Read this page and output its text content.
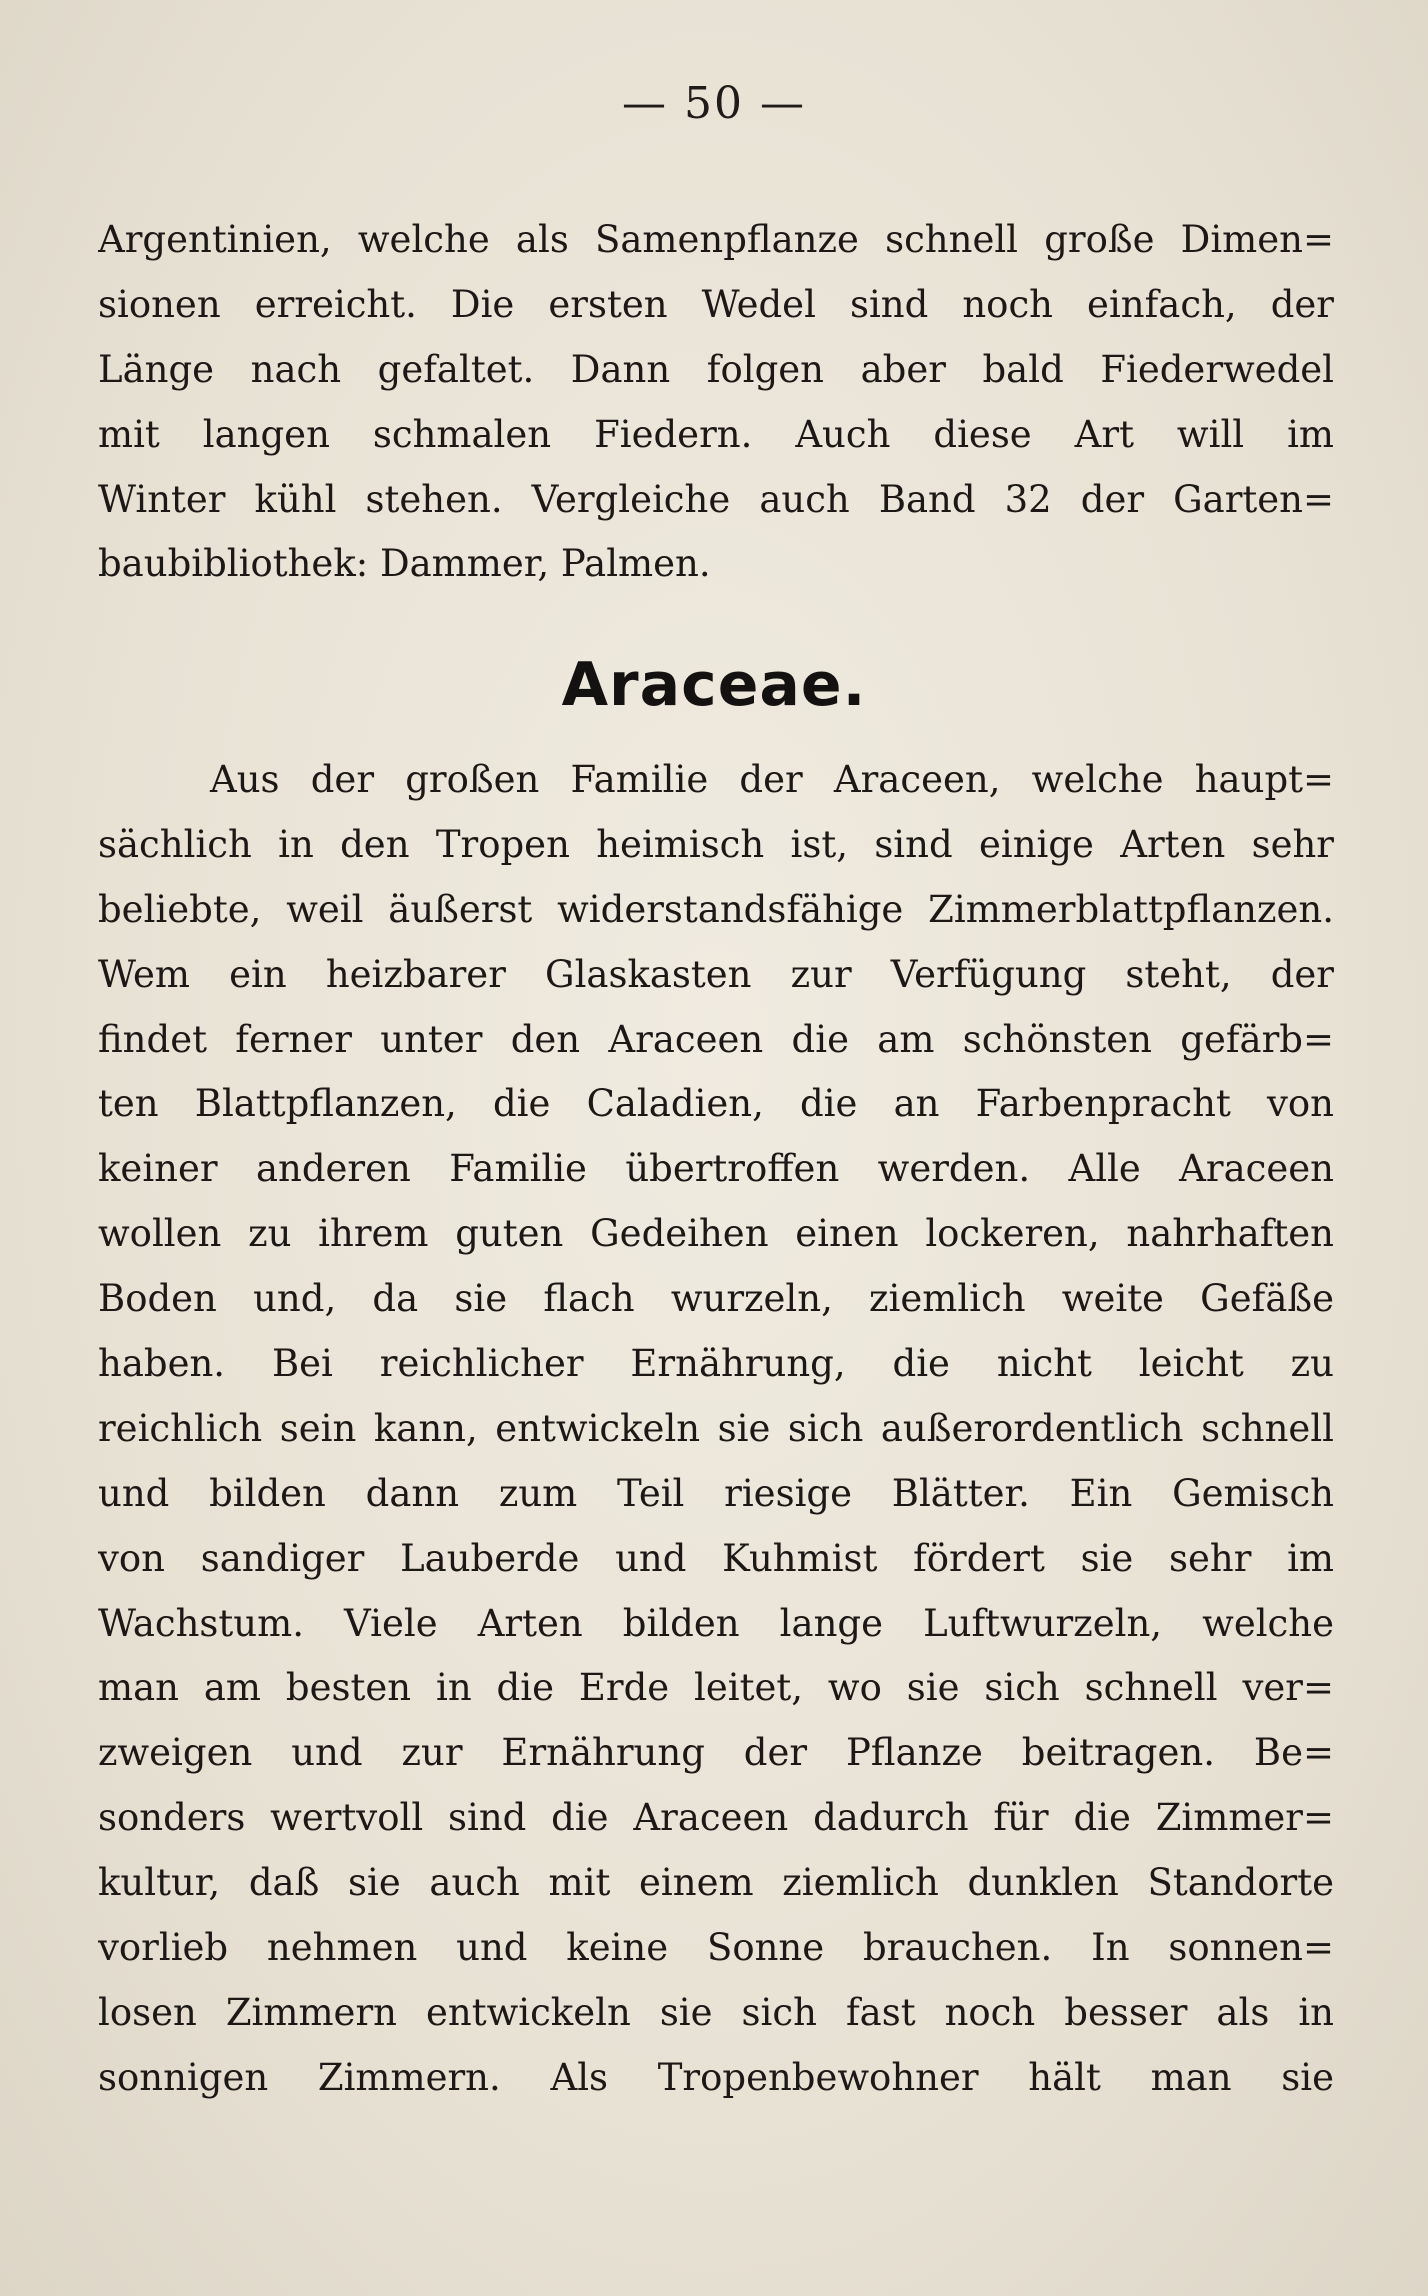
— 50 —
Argentinien, welche als Samenpflanze schnell große Dimen=
sionen erreicht. Die ersten Wedel sind noch einfach, der
Länge nach gefaltet. Dann folgen aber bald Fiederwedel
mit langen schmalen Fiedern. Auch diese Art will im
Winter kühl stehen. Vergleiche auch Band 32 der Garten=
baubibliothek: Dammer, Palmen.
Araceae.
Aus der großen Familie der Araceen, welche haupt=
sächlich in den Tropen heimisch ist, sind einige Arten sehr
beliebte, weil äußerst widerstandsfähige Zimmerblattpflanzen.
Wem ein heizbarer Glaskasten zur Verfügung steht, der
findet ferner unter den Araceen die am schönsten gefärb=
ten Blattpflanzen, die Caladien, die an Farbenpracht von
keiner anderen Familie übertroffen werden. Alle Araceen
wollen zu ihrem guten Gedeihen einen lockeren, nahrhaften
Boden und, da sie flach wurzeln, ziemlich weite Gefäße
haben. Bei reichlicher Ernährung, die nicht leicht zu
reichlich sein kann, entwickeln sie sich außerordentlich schnell
und bilden dann zum Teil riesige Blätter. Ein Gemisch
von sandiger Lauberde und Kuhmist fördert sie sehr im
Wachstum. Viele Arten bilden lange Luftwurzeln, welche
man am besten in die Erde leitet, wo sie sich schnell ver=
zweigen und zur Ernährung der Pflanze beitragen. Be=
sonders wertvoll sind die Araceen dadurch für die Zimmer=
kultur, daß sie auch mit einem ziemlich dunklen Standorte
vorlieb nehmen und keine Sonne brauchen. In sonnen=
losen Zimmern entwickeln sie sich fast noch besser als in
sonnigen Zimmern. Als Tropenbewohner hält man sie
